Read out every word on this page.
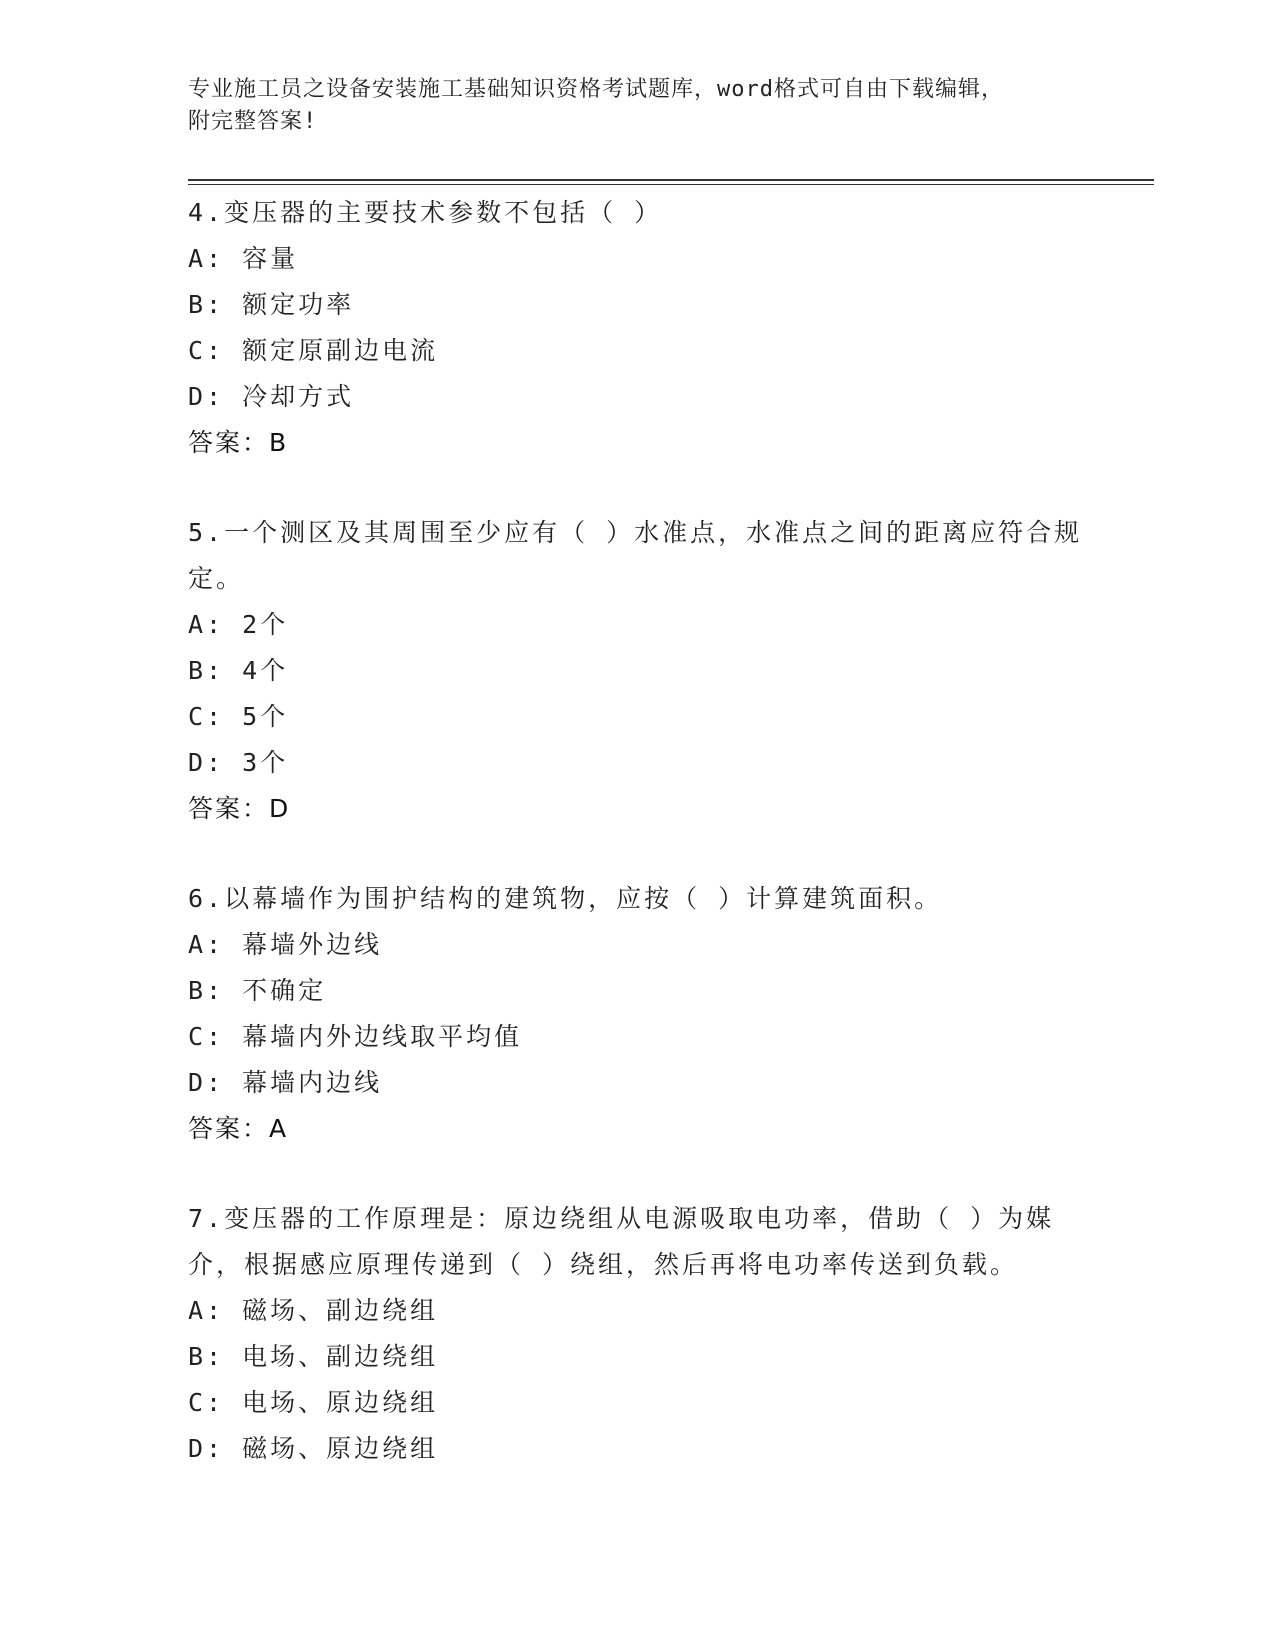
专业施工员之设备安装施工基础知识资格考试题库，word格式可自由下载编辑，
附完整答案!

4.变压器的主要技术参数不包括（ ）

A: 容量

B: 额定功率

C: 额定原副边电流

D: 冷却方式

答案：B

5.一个测区及其周围至少应有（ ）水准点，水准点之间的距离应符合规定。

A: 2个

B: 4个

C: 5个

D: 3个

答案：D

6.以幕墙作为围护结构的建筑物，应按（ ）计算建筑面积。

A: 幕墙外边线

B: 不确定

C: 幕墙内外边线取平均值

D: 幕墙内边线

答案：A

7.变压器的工作原理是：原边绕组从电源吸取电功率，借助（ ）为媒介，根据感应原理传递到（ ）绕组，然后再将电功率传送到负载。

A: 磁场、副边绕组

B: 电场、副边绕组

C: 电场、原边绕组

D: 磁场、原边绕组
